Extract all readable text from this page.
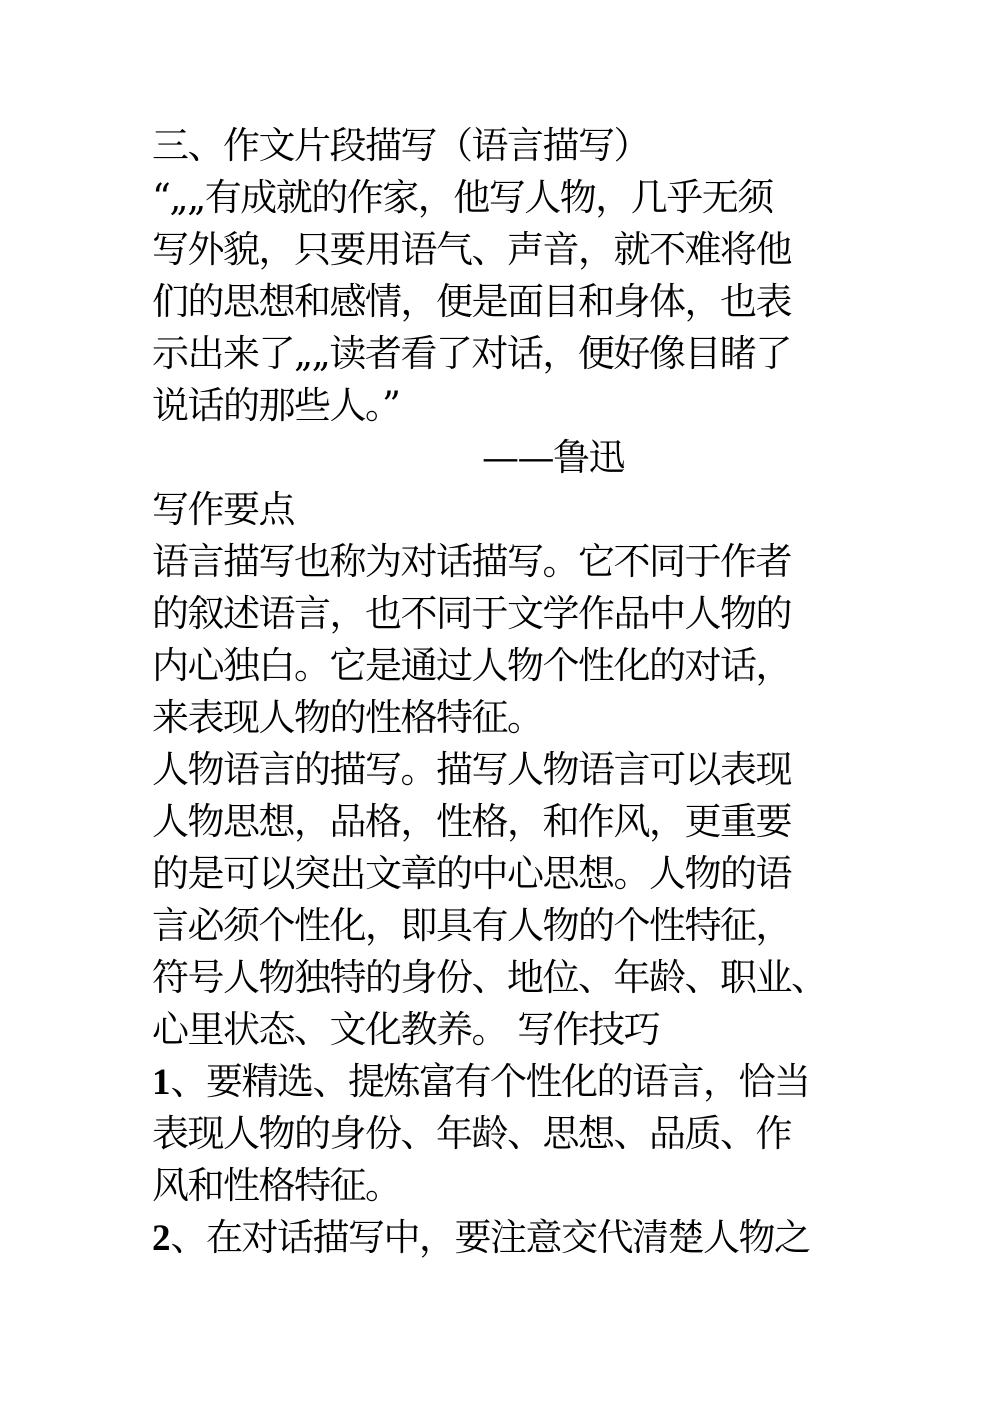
三、作文片段描写（语言描写）
“„„有成就的作家，他写人物，几乎无须
写外貌，只要用语气、声音，就不难将他
们的思想和感情，便是面目和身体，也表
示出来了„„读者看了对话，便好像目睹了
说话的那些人。”
——鲁迅
写作要点
语言描写也称为对话描写。它不同于作者
的叙述语言，也不同于文学作品中人物的
内心独白。它是通过人物个性化的对话，
来表现人物的性格特征。
人物语言的描写。描写人物语言可以表现
人物思想，品格，性格，和作风，更重要
的是可以突出文章的中心思想。人物的语
言必须个性化，即具有人物的个性特征，
符号人物独特的身份、地位、年龄、职业、
心里状态、文化教养。 写作技巧
1、要精选、提炼富有个性化的语言，恰当
表现人物的身份、年龄、思想、品质、作
风和性格特征。
2、在对话描写中，要注意交代清楚人物之
